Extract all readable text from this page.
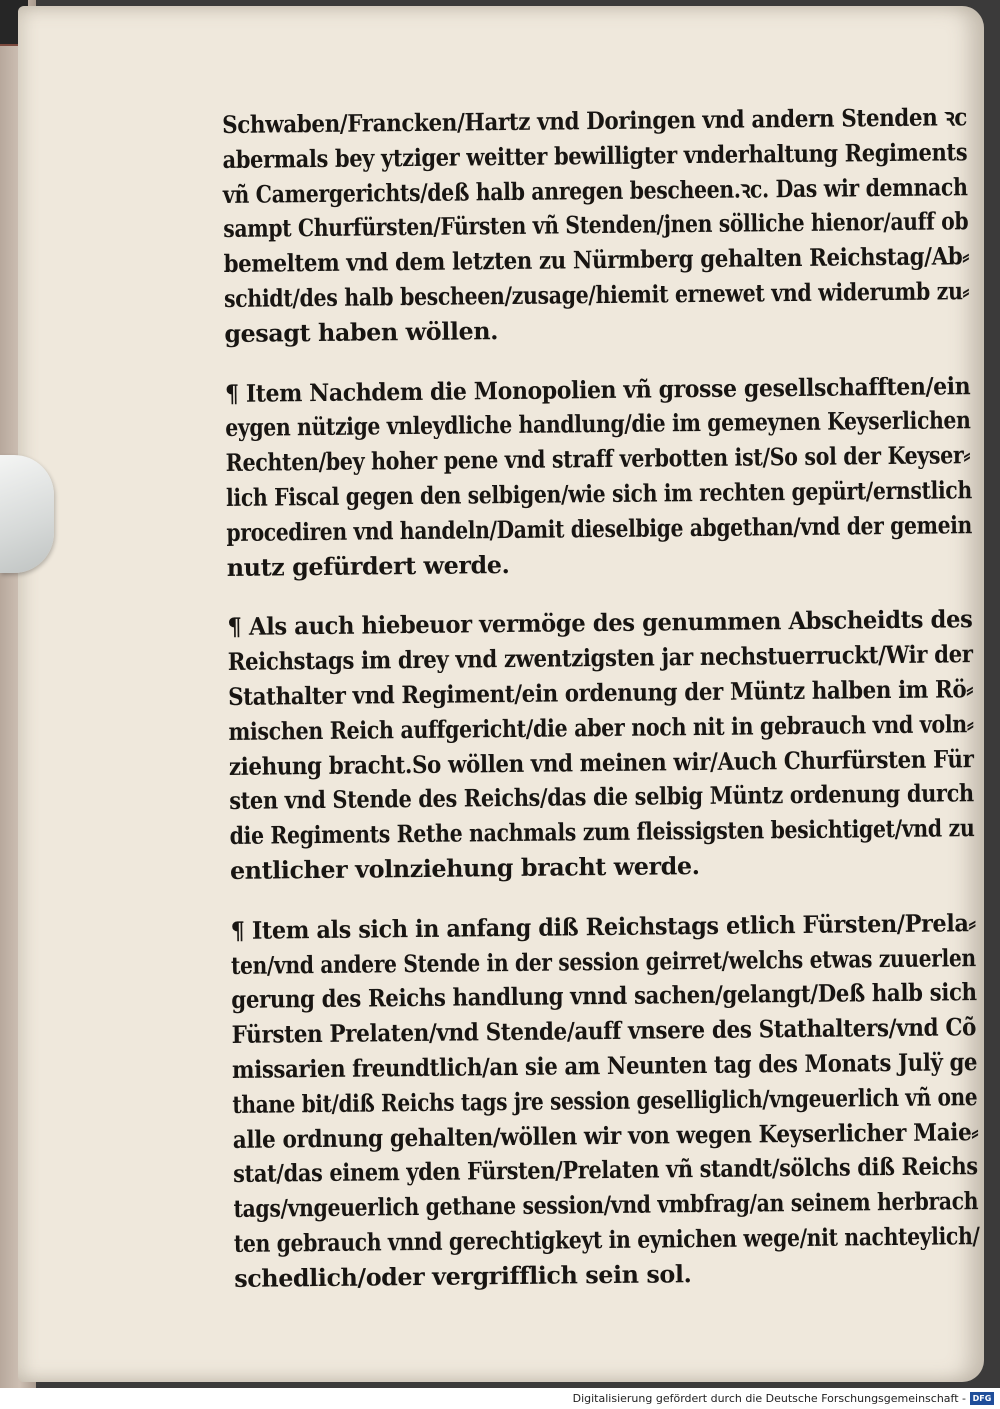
Schwaben/Francken/Hartz vnd Doringen vnd andern Stenden ꝛc
abermals bey ytziger weitter bewilligter vnderhaltung Regiments
vñ Camergerichts/deß halb anregen bescheen.ꝛc. Das wir demnach
sampt Churfürsten/Fürsten vñ Stenden/jnen sölliche hienor/auff ob
bemeltem vnd dem letzten zu Nürmberg gehalten Reichstag/Ab⸗
schidt/des halb bescheen/zusage/hiemit ernewet vnd widerumb zu⸗
gesagt haben wöllen.
¶ Item Nachdem die Monopolien vñ grosse gesellschafften/ein
eygen nützige vnleydliche handlung/die im gemeynen Keyserlichen
Rechten/bey hoher pene vnd straff verbotten ist/So sol der Keyser⸗
lich Fiscal gegen den selbigen/wie sich im rechten gepürt/ernstlich
procediren vnd handeln/Damit dieselbige abgethan/vnd der gemein
nutz gefürdert werde.
¶ Als auch hiebeuor vermöge des genummen Abscheidts des
Reichstags im drey vnd zwentzigsten jar nechstuerruckt/Wir der
Stathalter vnd Regiment/ein ordenung der Müntz halben im Rö⸗
mischen Reich auffgericht/die aber noch nit in gebrauch vnd voln⸗
ziehung bracht.So wöllen vnd meinen wir/Auch Churfürsten Für
sten vnd Stende des Reichs/das die selbig Müntz ordenung durch
die Regiments Rethe nachmals zum fleissigsten besichtiget/vnd zu
entlicher volnziehung bracht werde.
¶ Item als sich in anfang diß Reichstags etlich Fürsten/Prela⸗
ten/vnd andere Stende in der session geirret/welchs etwas zuuerlen
gerung des Reichs handlung vnnd sachen/gelangt/Deß halb sich
Fürsten Prelaten/vnd Stende/auff vnsere des Stathalters/vnd Cõ
missarien freundtlich/an sie am Neunten tag des Monats Julÿ ge
thane bit/diß Reichs tags jre session geselliglich/vngeuerlich vñ one
alle ordnung gehalten/wöllen wir von wegen Keyserlicher Maie⸗
stat/das einem yden Fürsten/Prelaten vñ standt/sölchs diß Reichs
tags/vngeuerlich gethane session/vnd vmbfrag/an seinem herbrach
ten gebrauch vnnd gerechtigkeyt in eynichen wege/nit nachteylich/
schedlich/oder vergrifflich sein sol.
Digitalisierung gefördert durch die Deutsche Forschungsgemeinschaft - DFG
